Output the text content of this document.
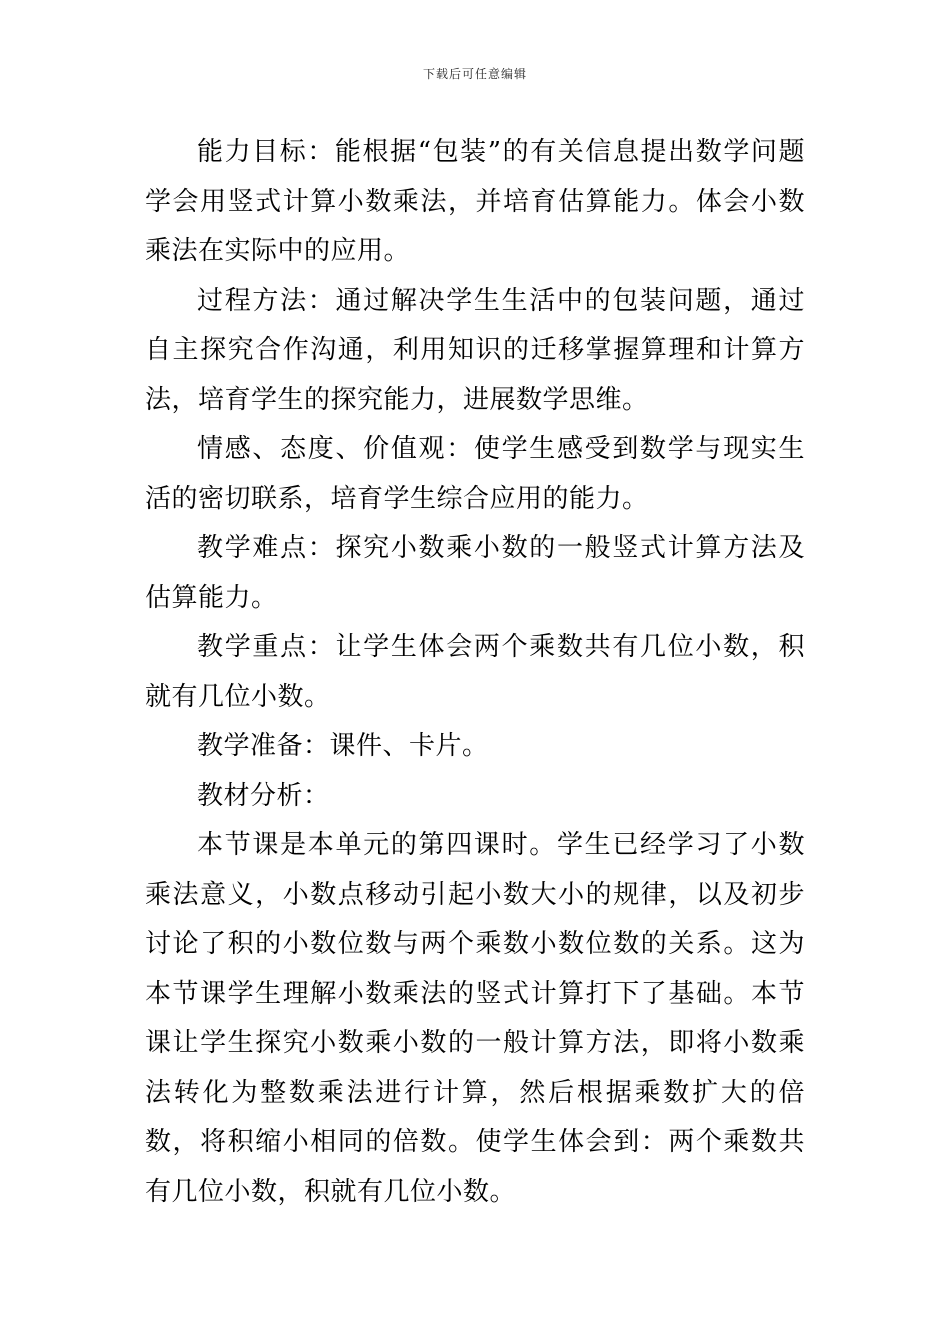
下载后可任意编辑

能力目标：能根据“包装”的有关信息提出数学问题学会用竖式计算小数乘法，并培育估算能力。体会小数乘法在实际中的应用。

过程方法：通过解决学生生活中的包装问题，通过自主探究合作沟通，利用知识的迁移掌握算理和计算方法，培育学生的探究能力，进展数学思维。

情感、态度、价值观：使学生感受到数学与现实生活的密切联系，培育学生综合应用的能力。

教学难点：探究小数乘小数的一般竖式计算方法及估算能力。

教学重点：让学生体会两个乘数共有几位小数，积就有几位小数。

教学准备：课件、卡片。

教材分析：

本节课是本单元的第四课时。学生已经学习了小数乘法意义，小数点移动引起小数大小的规律，以及初步讨论了积的小数位数与两个乘数小数位数的关系。这为本节课学生理解小数乘法的竖式计算打下了基础。本节课让学生探究小数乘小数的一般计算方法，即将小数乘法转化为整数乘法进行计算，然后根据乘数扩大的倍数，将积缩小相同的倍数。使学生体会到：两个乘数共有几位小数，积就有几位小数。
